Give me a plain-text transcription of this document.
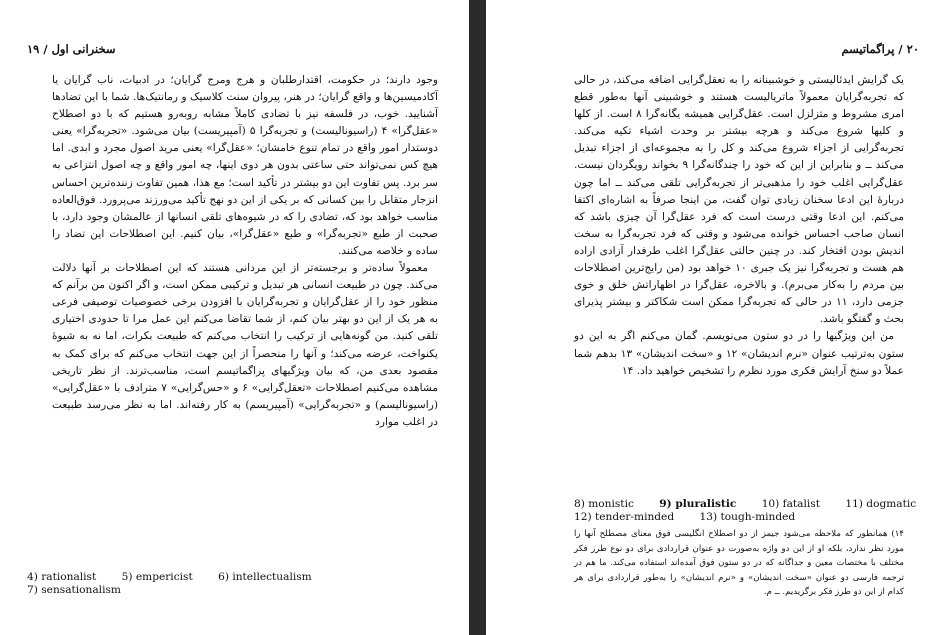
سخنرانی اول / ۱۹

وجود دارند؛ در حکومت، اقتدارطلبان و هرج ومرج گرایان؛ در ادبیات، ناب گرایان یا آکادمیسین‌ها و واقع گرایان؛ در هنر، پیروان سنت کلاسیک و رمانتیک‌ها. شما با این تضادها آشنایید. خوب، در فلسفه نیز با تضادی کاملاً مشابه روبه‌رو هستیم که با دو اصطلاح «عقل‌گرا» ۴ (راسیونالیست) و تجربه‌گرا ۵ (آمپیریست) بیان می‌شود. «تجربه‌گرا» یعنی دوستدار امور واقع در تمام تنوع خامشان؛ «عقل‌گرا» یعنی مرید اصول مجرد و ابدی. اما هیچ کس نمی‌تواند حتی ساعتی بدون هر دوی اینها، چه امور واقع و چه اصول انتزاعی به سر برد. پس تفاوت این دو بیشتر در تأکید است؛ مع هذا، همین تفاوت زننده‌ترین احساس انزجار متقابل را بین کسانی که بر یکی از این دو نهج تأکید می‌ورزند می‌پرورد. فوق‌العاده مناسب خواهد بود که، تضادی را که در شیوه‌های تلقی انسانها از عالمشان وجود دارد، با صحبت از طبع «تجربه‌گرا» و طبع «عقل‌گرا»، بیان کنیم. این اصطلاحات این تضاد را ساده و خلاصه می‌کنند.

معمولاً ساده‌تر و برجسته‌تر از این مردانی هستند که این اصطلاحات بر آنها دلالت می‌کند. چون در طبیعت انسانی هر تبدیل و ترکیبی ممکن است، و اگر اکنون من برآنم که منظور خود را از عقل‌گرایان و تجربه‌گرایان با افزودن برخی خصوصیات توصیفی فرعی به هر یک از این دو بهتر بیان کنم، از شما تقاضا می‌کنم این عمل مرا تا حدودی اختیاری تلقی کنید. من گونه‌هایی از ترکیب را انتخاب می‌کنم که طبیعت بکرات، اما نه به شیوهٔ یکنواخت، عرضه می‌کند؛ و آنها را منحصراً از این جهت انتخاب می‌کنم که برای کمک به مقصود بعدی من، که بیان ویژگیهای پراگماتیسم است، مناسب‌ترند. از نظر تاریخی مشاهده می‌کنیم اصطلاحات «تعقل‌گرایی» ۶ و «حس‌گرایی» ۷ مترادف با «عقل‌گرایی» (راسیونالیسم) و «تجربه‌گرایی» (آمپیریسم) به کار رفته‌اند. اما به نظر می‌رسد طبیعت در اغلب موارد

4) rationalist 5) empericist 6) intellectualism
7) sensationalism
۲۰ / پراگماتیسم

یک گرایش ایدئالیستی و خوشبینانه را به تعقل‌گرایی اضافه می‌کند، در حالی که تجربه‌گرایان معمولاً ماتریالیست هستند و خوشبینی آنها به‌طور قطع امری مشروط و متزلزل است. عقل‌گرایی همیشه یگانه‌گرا ۸ است. از کلها و کلیها شروع می‌کند و هرچه بیشتر بر وحدت اشیاء تکیه می‌کند. تجربه‌گرایی از اجزاء شروع می‌کند و کل را به مجموعه‌ای از اجزاء تبدیل می‌کند ــ و بنابراین از این که خود را چندگانه‌گرا ۹ بخواند رویگردان نیست. عقل‌گرایی اغلب خود را مذهبی‌تر از تجربه‌گرایی تلقی می‌کند ــ اما چون دربارهٔ این ادعا سخنان زیادی توان گفت، من اینجا صرفاً به اشاره‌ای اکتفا می‌کنم. این ادعا وقتی درست است که فرد عقل‌گرا آن چیزی باشد که انسان صاحب احساس خوانده می‌شود و وقتی که فرد تجربه‌گرا به سخت اندیش بودن افتخار کند. در چنین حالتی عقل‌گرا اغلب طرفدار آزادی اراده هم هست و تجربه‌گرا نیز یک جبری ۱۰ خواهد بود (من رایج‌ترین اصطلاحات بین مردم را به‌کار می‌برم). و بالاخره، عقل‌گرا در اظهاراتش خلق و خوی جزمی دارد، ۱۱ در حالی که تجربه‌گرا ممکن است شکاکتر و بیشتر پذیرای بحث و گفتگو باشد.

من این ویژگیها را در دو ستون می‌نویسم. گمان می‌کنم اگر به این دو ستون به‌ترتیب عنوان «نرم اندیشان» ۱۲ و «سخت اندیشان» ۱۳ بدهم شما عملاً دو سنخ آرایش فکری مورد نظرم را تشخیص خواهید داد. ۱۴

8) monistic 9) pluralistic 10) fatalist 11) dogmatic
12) tender-minded 13) tough-minded
۱۴) همانطور که ملاحظه می‌شود جیمز از دو اصطلاح انگلیسی فوق معنای مصطلح آنها را مورد نظر ندارد، بلکه او از این دو واژه به‌صورت دو عنوان قراردادی برای دو نوع طرز فکر مختلف با مختصات معین و جداگانه که در دو ستون فوق آمده‌اند استفاده می‌کند. ما هم در ترجمه فارسی دو عنوان «سخت اندیشان» و «نرم اندیشان» را به‌طور قراردادی برای هر کدام از این دو طرز فکر برگزیدیم. ــ م.
